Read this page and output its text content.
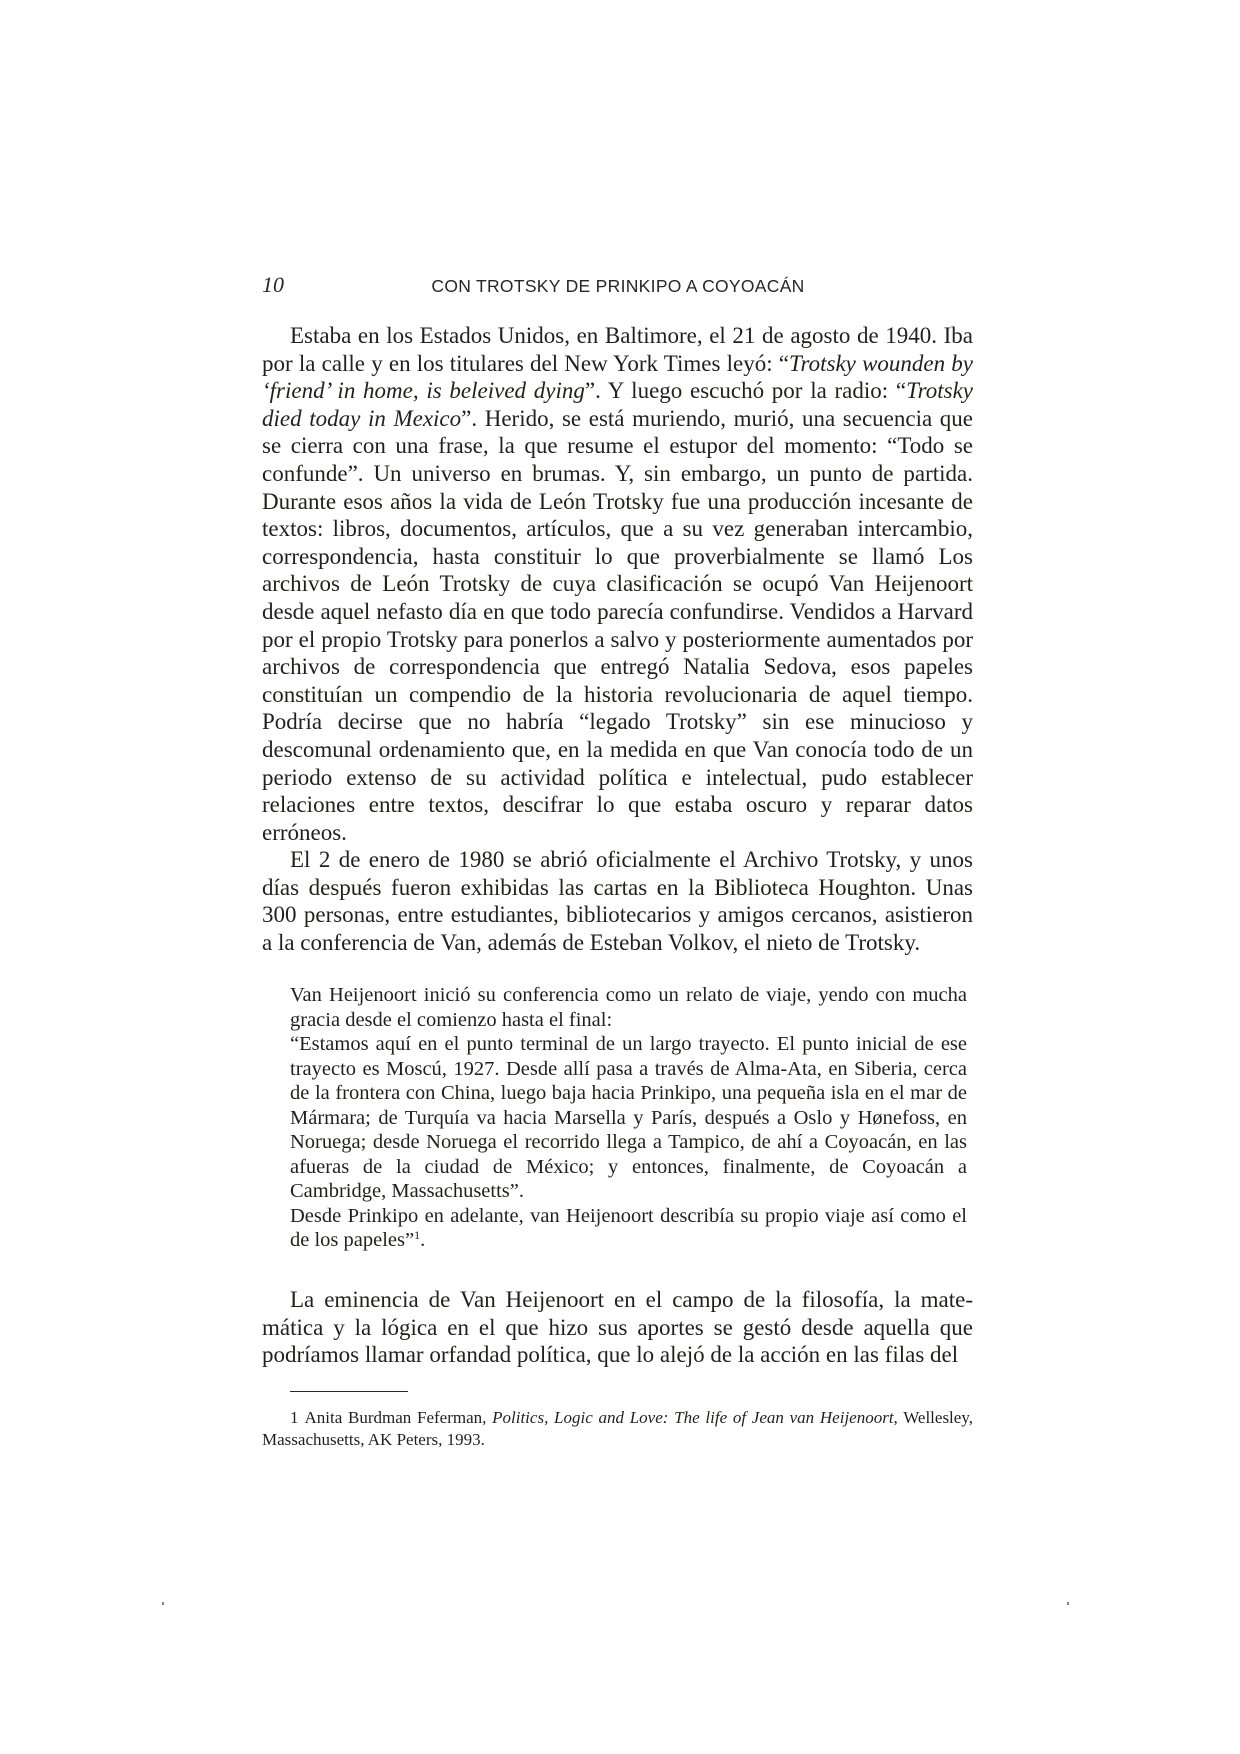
10	CON TROTSKY DE PRINKIPO A COYOACÁN

Estaba en los Estados Unidos, en Baltimore, el 21 de agosto de 1940. Iba por la calle y en los titulares del New York Times leyó: “Trotsky wounden by ‘friend’ in home, is beleived dying”. Y luego escuchó por la radio: “Trotsky died today in Mexico”. Herido, se está muriendo, murió, una secuencia que se cierra con una frase, la que resume el estupor del momento: “Todo se confunde”. Un universo en brumas. Y, sin embargo, un punto de partida. Durante esos años la vida de León Trotsky fue una producción incesante de textos: libros, documentos, artículos, que a su vez generaban intercambio, correspondencia, hasta constituir lo que proverbialmente se llamó Los archivos de León Trotsky de cuya clasificación se ocupó Van Heijenoort desde aquel nefasto día en que todo parecía confundirse. Vendidos a Harvard por el propio Trotsky para ponerlos a salvo y posteriormente aumentados por archivos de correspondencia que entregó Natalia Sedova, esos papeles constituían un compendio de la historia revolucionaria de aquel tiempo. Podría decirse que no habría “legado Trotsky” sin ese minucioso y descomunal ordenamiento que, en la medida en que Van conocía todo de un periodo extenso de su actividad política e intelectual, pudo establecer relaciones entre textos, descifrar lo que estaba oscuro y reparar datos erróneos.

El 2 de enero de 1980 se abrió oficialmente el Archivo Trotsky, y unos días después fueron exhibidas las cartas en la Biblioteca Houghton. Unas 300 personas, entre estudiantes, bibliotecarios y amigos cercanos, asistieron a la conferencia de Van, además de Esteban Volkov, el nieto de Trotsky.

Van Heijenoort inició su conferencia como un relato de viaje, yendo con mucha gracia desde el comienzo hasta el final:

“Estamos aquí en el punto terminal de un largo trayecto. El punto inicial de ese trayecto es Moscú, 1927. Desde allí pasa a través de Alma-Ata, en Siberia, cerca de la frontera con China, luego baja hacia Prinkipo, una pequeña isla en el mar de Mármara; de Turquía va hacia Marsella y París, después a Oslo y Hønefoss, en Noruega; desde Noruega el recorrido llega a Tampico, de ahí a Coyoacán, en las afueras de la ciudad de México; y entonces, finalmente, de Coyoacán a Cambridge, Massachusetts”.

Desde Prinkipo en adelante, van Heijenoort describía su propio viaje así como el de los papeles”$^1$.

La eminencia de Van Heijenoort en el campo de la filosofía, la matemática y la lógica en el que hizo sus aportes se gestó desde aquella que podríamos llamar orfandad política, que lo alejó de la acción en las filas del

1 Anita Burdman Feferman, Politics, Logic and Love: The life of Jean van Heijenoort, Wellesley, Massachusetts, AK Peters, 1993.
